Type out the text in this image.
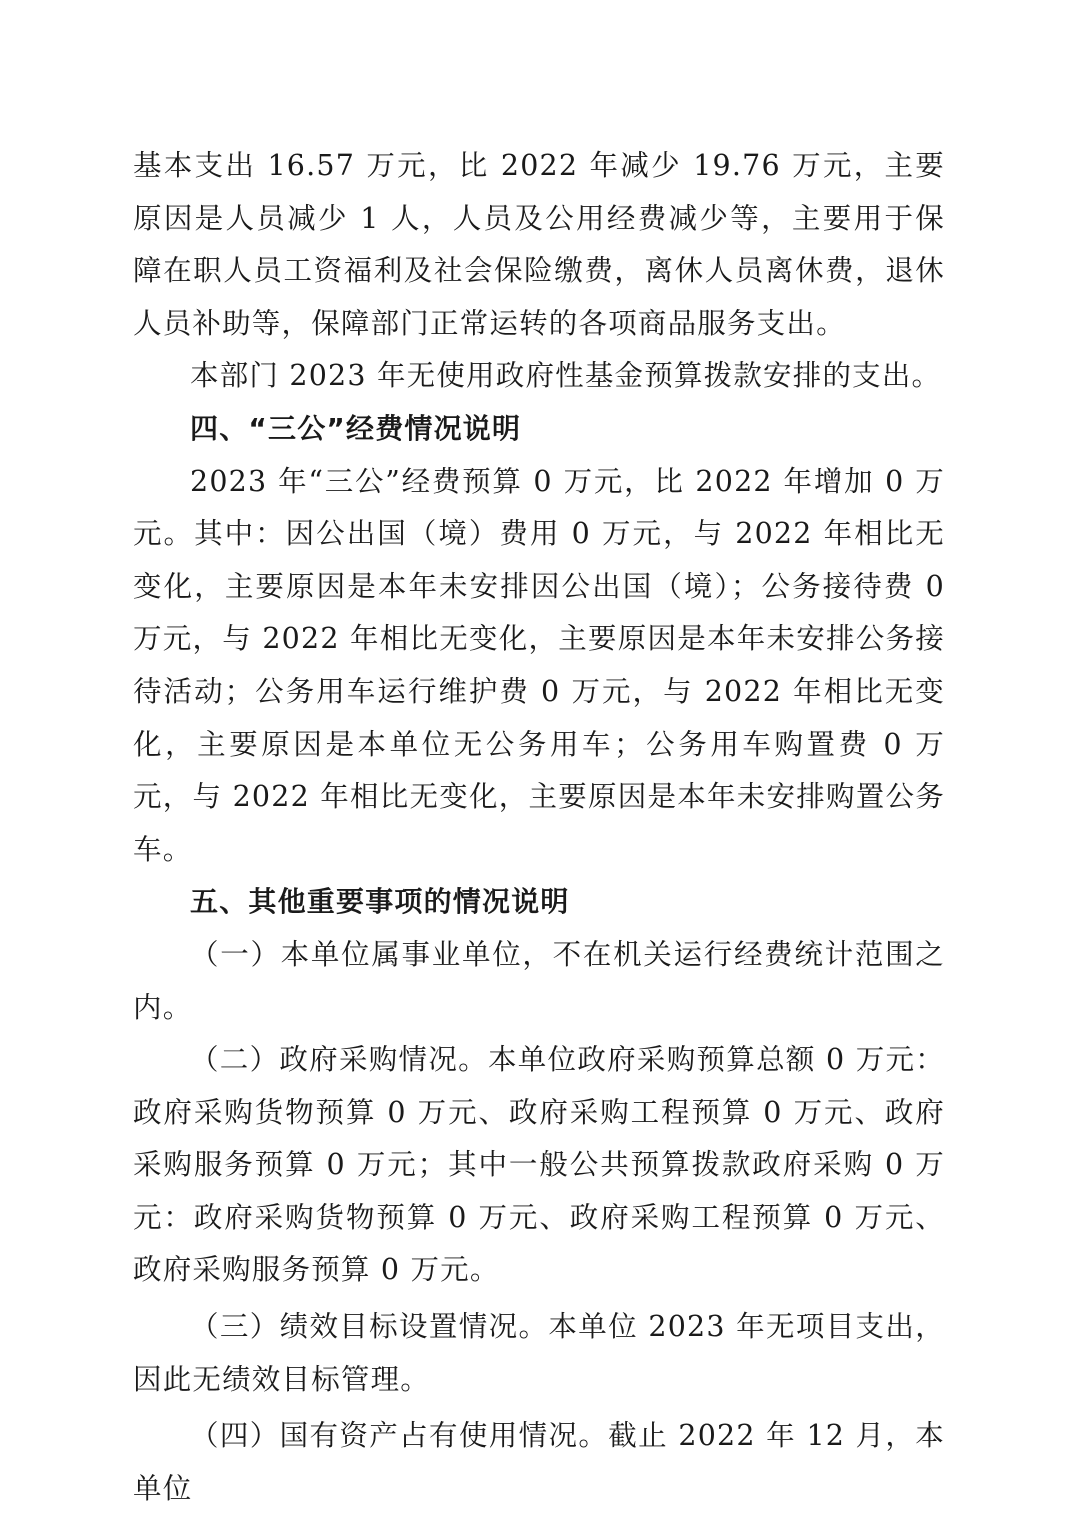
基本支出 16.57 万元，比 2022 年减少 19.76 万元，主要原因是人员减少 1 人，人员及公用经费减少等，主要用于保障在职人员工资福利及社会保险缴费，离休人员离休费，退休人员补助等，保障部门正常运转的各项商品服务支出。

本部门 2023 年无使用政府性基金预算拨款安排的支出。

四、“三公”经费情况说明

2023 年“三公”经费预算 0 万元，比 2022 年增加 0 万元。其中：因公出国（境）费用 0 万元，与 2022 年相比无变化，主要原因是本年未安排因公出国（境）；公务接待费 0 万元，与 2022 年相比无变化，主要原因是本年未安排公务接待活动；公务用车运行维护费 0 万元，与 2022 年相比无变化，主要原因是本单位无公务用车；公务用车购置费 0 万元，与 2022 年相比无变化，主要原因是本年未安排购置公务车。

五、其他重要事项的情况说明

（一）本单位属事业单位，不在机关运行经费统计范围之内。

（二）政府采购情况。本单位政府采购预算总额 0 万元：政府采购货物预算 0 万元、政府采购工程预算 0 万元、政府采购服务预算 0 万元；其中一般公共预算拨款政府采购 0 万元：政府采购货物预算 0 万元、政府采购工程预算 0 万元、政府采购服务预算 0 万元。

（三）绩效目标设置情况。本单位 2023 年无项目支出，因此无绩效目标管理。

（四）国有资产占有使用情况。截止 2022 年 12 月，本单位
